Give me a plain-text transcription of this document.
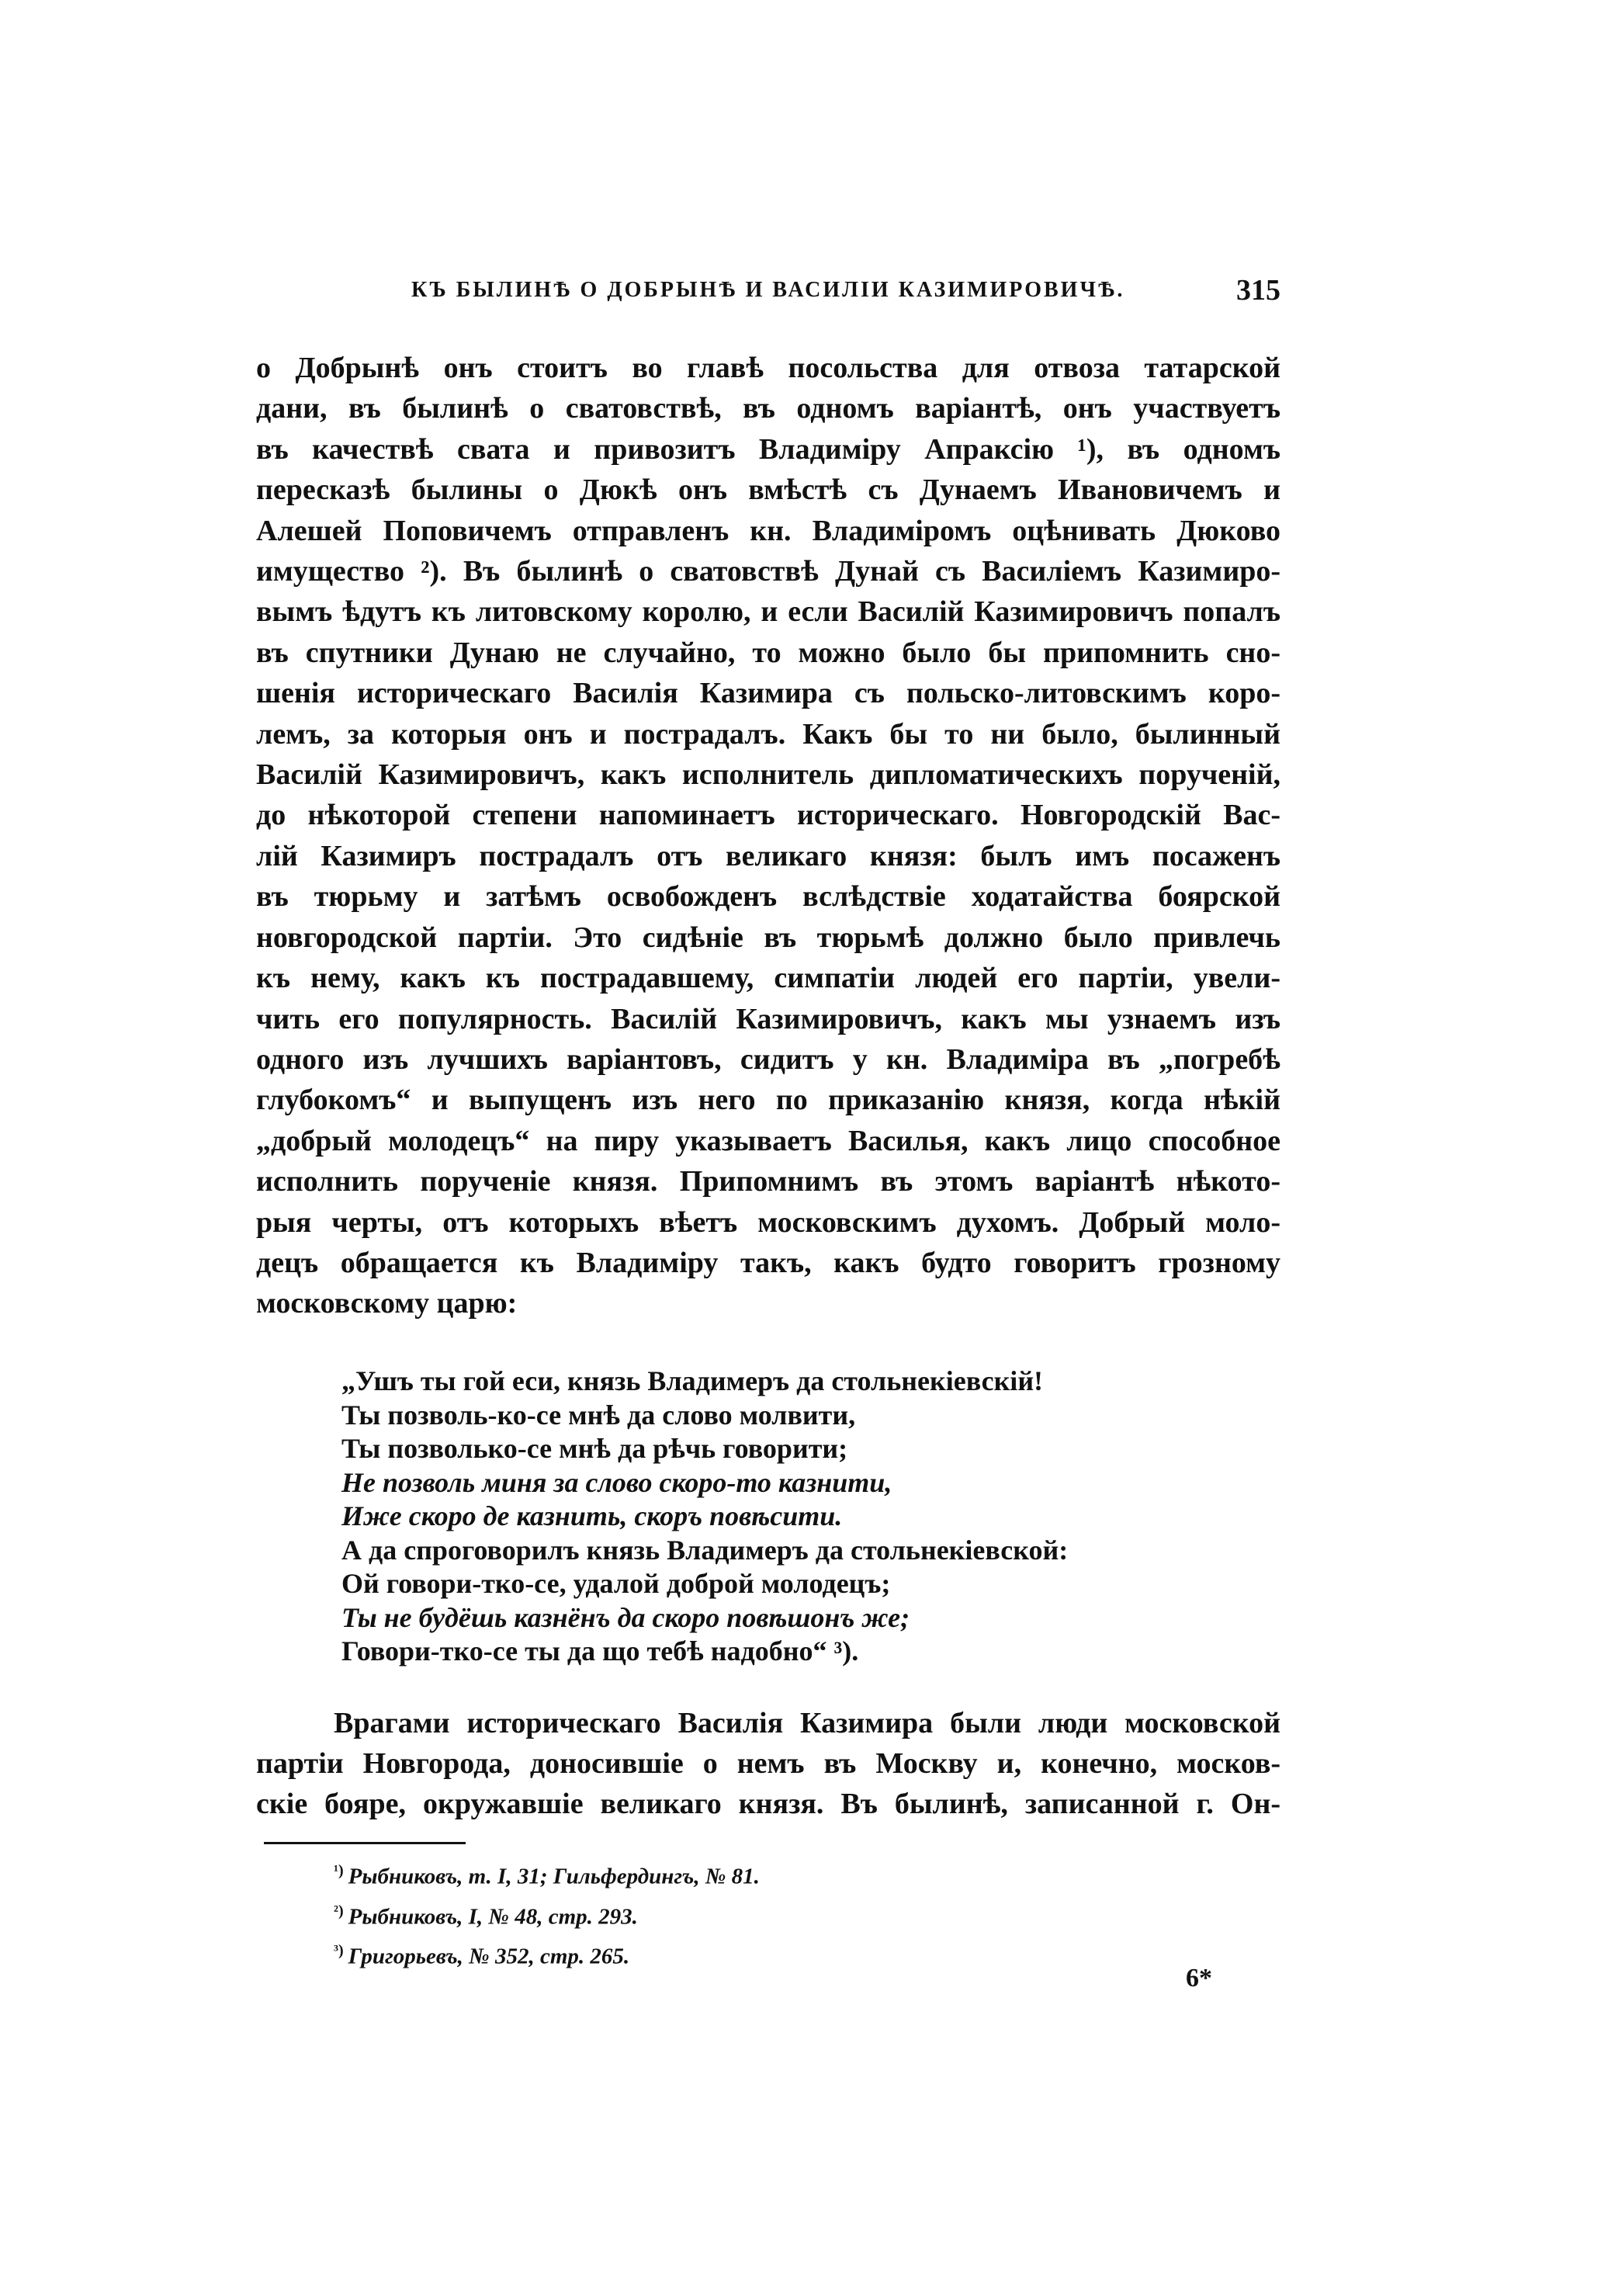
КЪ БЫЛИНѢ О ДОБРЫНѢ И ВАСИЛІИ КАЗИМИРОВИЧѢ.	315
о Добрынѣ онъ стоитъ во главѣ посольства для отвоза татарской
дани, въ былинѣ о сватовствѣ, въ одномъ варіантѣ, онъ участвуетъ
въ качествѣ свата и привозитъ Владиміру Апраксію ¹), въ одномъ
пересказѣ былины о Дюкѣ онъ вмѣстѣ съ Дунаемъ Ивановичемъ и
Алешей Поповичемъ отправленъ кн. Владиміромъ оцѣнивать Дюково
имущество ²). Въ былинѣ о сватовствѣ Дунай съ Василіемъ Казимиро-
вымъ ѣдутъ къ литовскому королю, и если Василій Казимировичъ попалъ
въ спутники Дунаю не случайно, то можно было бы припомнить сно-
шенія историческаго Василія Казимира съ польско-литовскимъ коро-
лемъ, за которыя онъ и пострадалъ. Какъ бы то ни было, былинный
Василій Казимировичъ, какъ исполнитель дипломатическихъ порученій,
до нѣкоторой степени напоминаетъ историческаго. Новгородскій Вас-
лій Казимиръ пострадалъ отъ великаго князя: былъ имъ посаженъ
въ тюрьму и затѣмъ освобожденъ вслѣдствіе ходатайства боярской
новгородской партіи. Это сидѣніе въ тюрьмѣ должно было привлечь
къ нему, какъ къ пострадавшему, симпатіи людей его партіи, увели-
чить его популярность. Василій Казимировичъ, какъ мы узнаемъ изъ
одного изъ лучшихъ варіантовъ, сидитъ у кн. Владиміра въ „погребѣ
глубокомъ“ и выпущенъ изъ него по приказанію князя, когда нѣкій
„добрый молодецъ“ на пиру указываетъ Василья, какъ лицо способное
исполнить порученіе князя. Припомнимъ въ этомъ варіантѣ нѣкото-
рыя черты, отъ которыхъ вѣетъ московскимъ духомъ. Добрый моло-
децъ обращается къ Владиміру такъ, какъ будто говоритъ грозному
московскому царю:
„Ушъ ты гой еси, князь Владимеръ да стольнекіевскій!
Ты позволь-ко-се мнѣ да слово молвити,
Ты позволько-се мнѣ да рѣчь говорити;
Не позволь миня за слово скоро-то казнити,
Иже скоро де казнить, скоръ повѣсити.
А да спроговорилъ князь Владимеръ да стольнекіевской:
Ой говори-тко-се, удалой доброй молодецъ;
Ты не будёшь казнёнъ да скоро повѣшонъ же;
Говори-тко-се ты да що тебѣ надобно“ ³).
Врагами историческаго Василія Казимира были люди московской
партіи Новгорода, доносившіе о немъ въ Москву и, конечно, москов-
скіе бояре, окружавшіе великаго князя. Въ былинѣ, записанной г. Он-
$^{^1)}$ Рыбниковъ, т. I, 31; Гильфердингъ, № 81.
$^{^2)}$ Рыбниковъ, I, № 48, стр. 293.
$^{^3)}$ Григорьевъ, № 352, стр. 265.
6*
